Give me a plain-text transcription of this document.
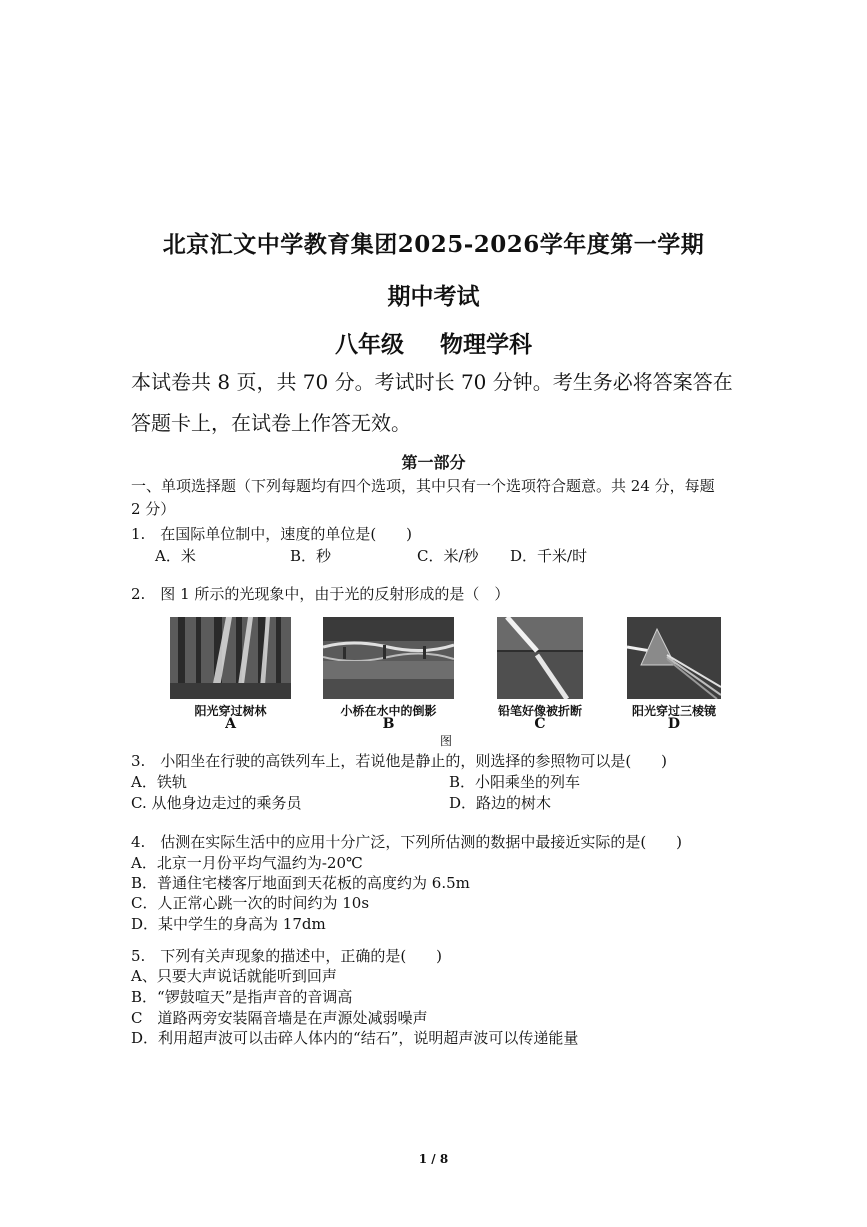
北京汇文中学教育集团2025-2026学年度第一学期
期中考试
八年级 物理学科
本试卷共 8 页，共 70 分。考试时长 70 分钟。考生务必将答案答在
答题卡上，在试卷上作答无效。
第一部分
一、单项选择题（下列每题均有四个选项，其中只有一个选项符合题意。共 24 分，每题
2 分）
1.　在国际单位制中，速度的单位是(　　)
A．米	B．秒	C．米/秒 D．千米/时
2.　图 1 所示的光现象中，由于光的反射形成的是（　）
阳光穿过树林	小桥在水中的倒影	铅笔好像被折断	阳光穿过三棱镜
A	B	C	D
图
3.　小阳坐在行驶的高铁列车上，若说他是静止的，则选择的参照物可以是(　　)
A．铁轨	B．小阳乘坐的列车
C. 从他身边走过的乘务员	D．路边的树木
4.　估测在实际生活中的应用十分广泛，下列所估测的数据中最接近实际的是(　　)
A．北京一月份平均气温约为-20℃
B．普通住宅楼客厅地面到天花板的高度约为 6.5m
C．人正常心跳一次的时间约为 10s
D．某中学生的身高为 17dm
5.　下列有关声现象的描述中，正确的是(　　)
A、只要大声说话就能听到回声
B．“锣鼓喧天”是指声音的音调高
C　道路两旁安装隔音墙是在声源处减弱噪声
D．利用超声波可以击碎人体内的“结石”，说明超声波可以传递能量
1 / 8
